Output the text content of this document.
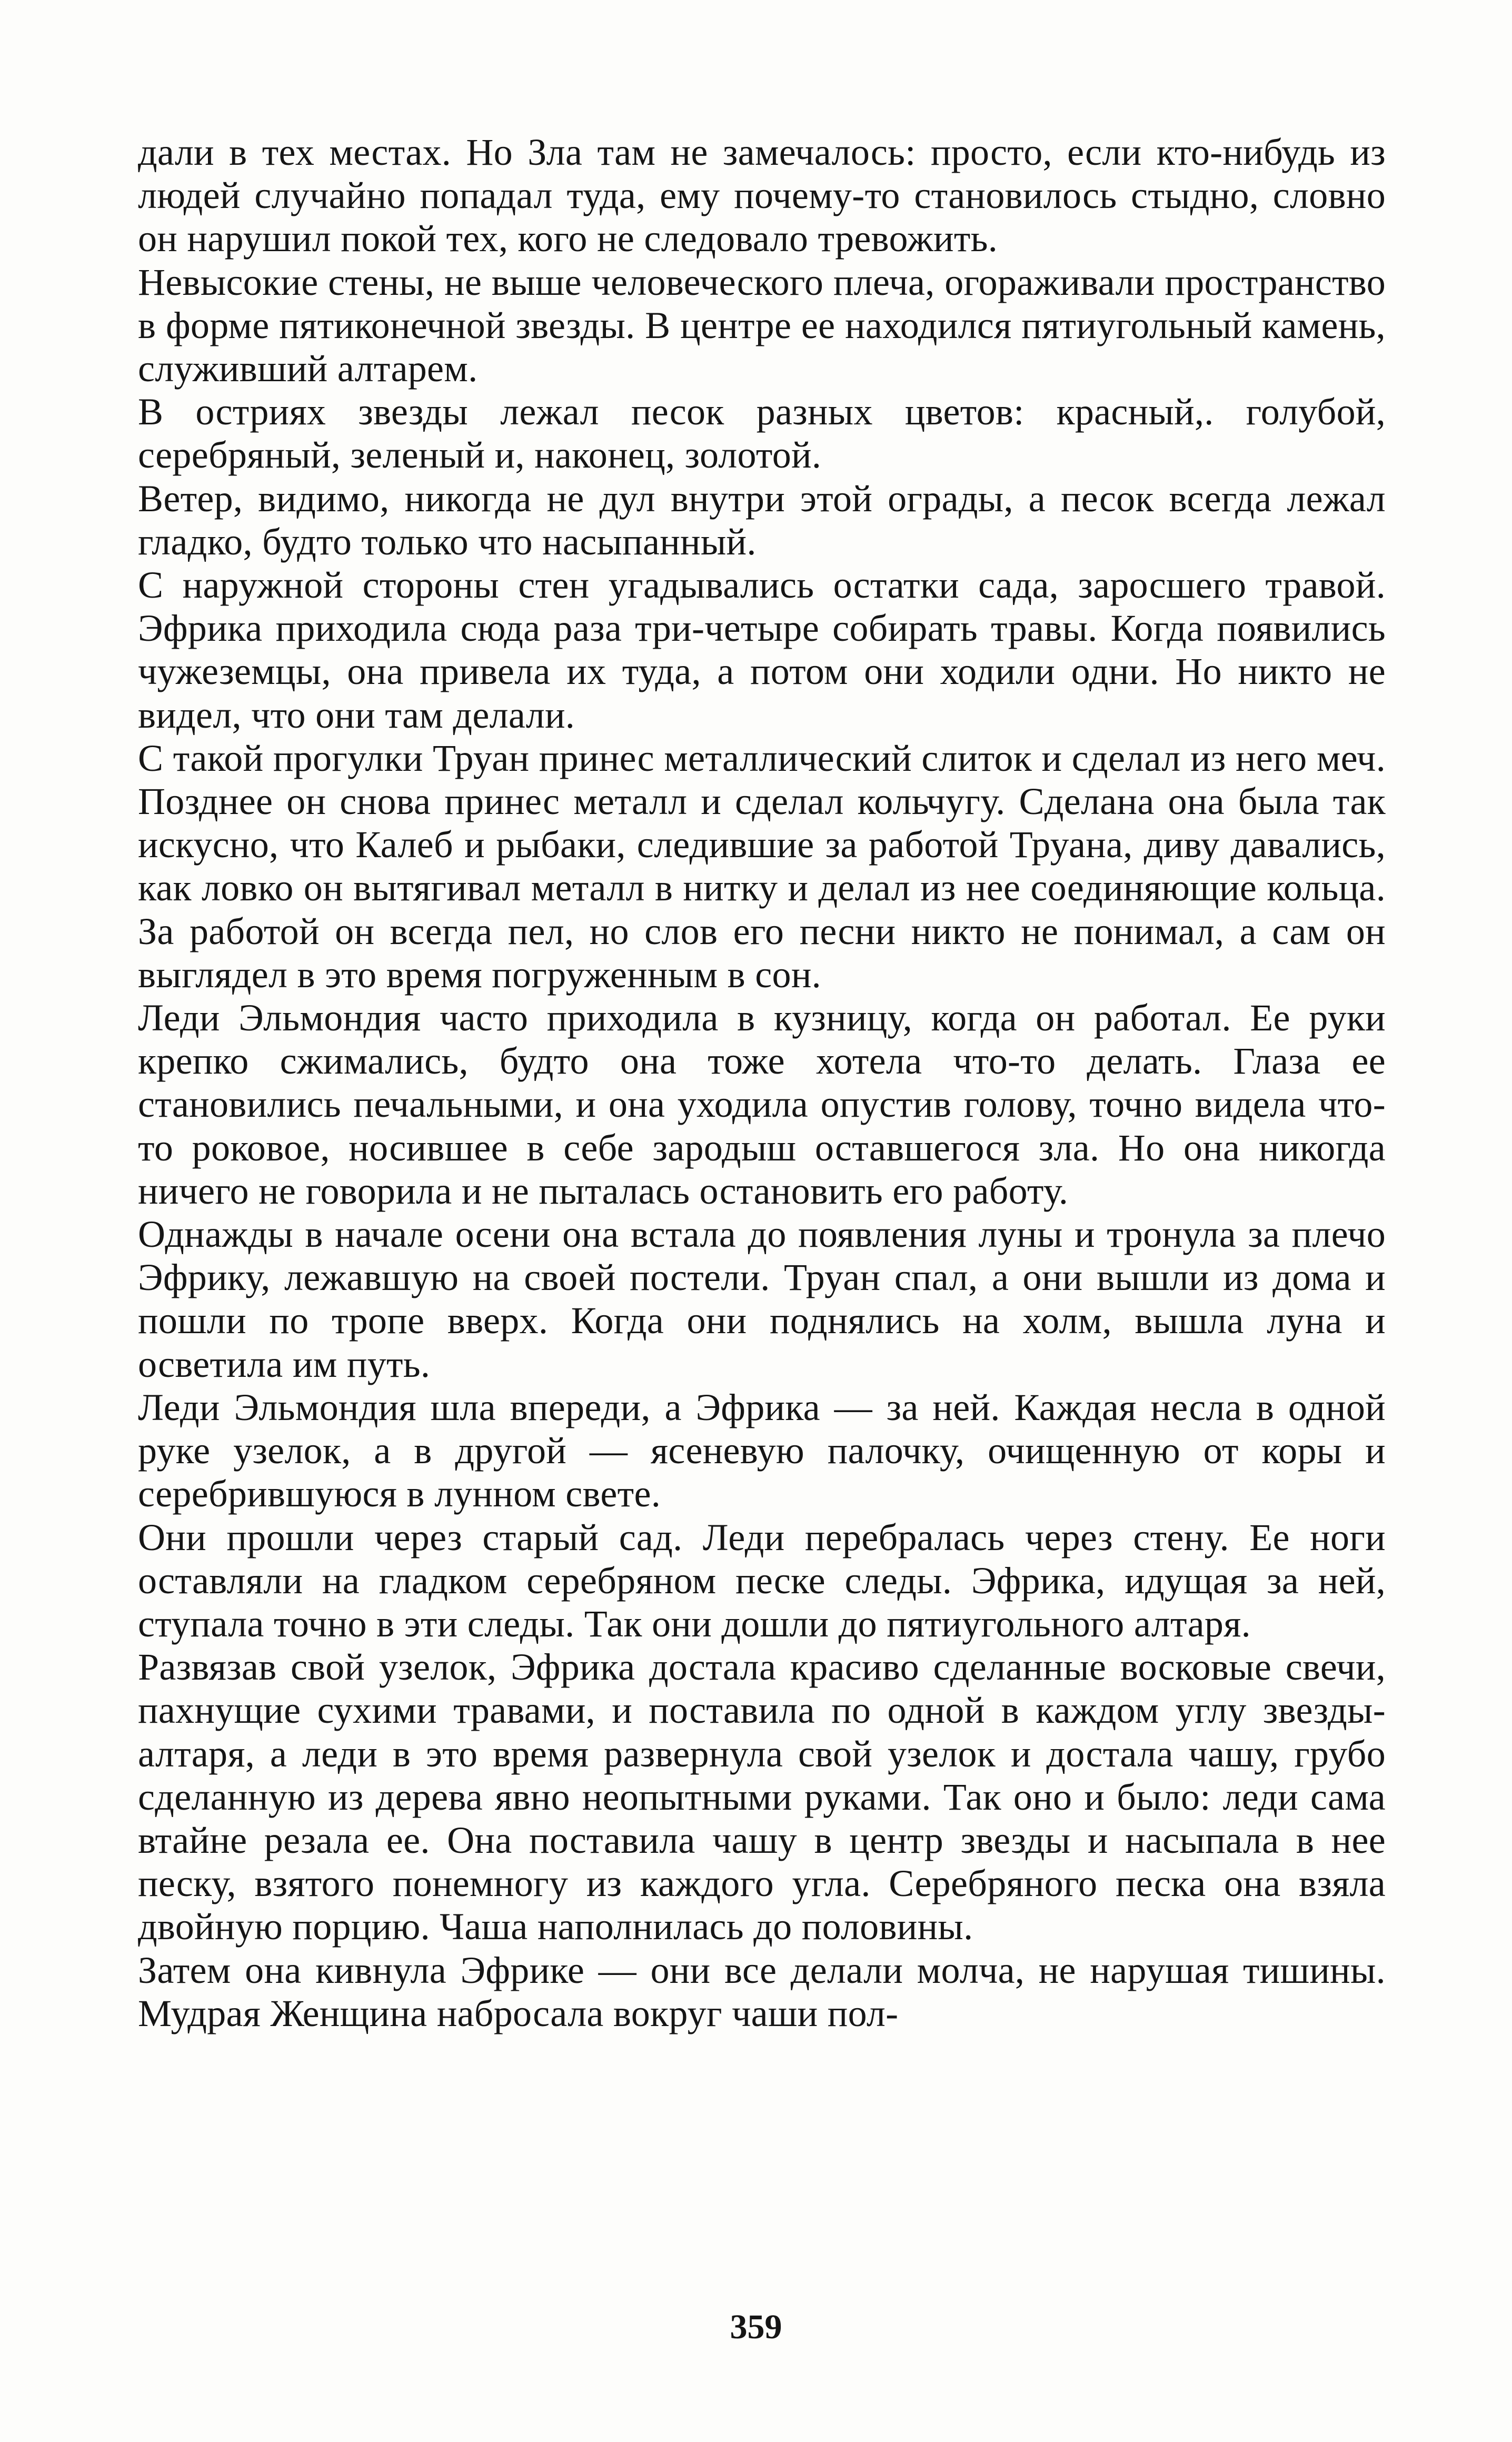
дали в тех местах. Но Зла там не замечалось: просто, если кто-нибудь из людей случайно попадал туда, ему почему-то становилось стыдно, словно он нарушил покой тех, кого не следовало тревожить.

Невысокие стены, не выше человеческого плеча, огораживали пространство в форме пятиконечной звезды. В центре ее находился пятиугольный камень, служивший алтарем.

В остриях звезды лежал песок разных цветов: красный,. голубой, серебряный, зеленый и, наконец, золотой.

Ветер, видимо, никогда не дул внутри этой ограды, а песок всегда лежал гладко, будто только что насыпанный.

С наружной стороны стен угадывались остатки сада, заросшего травой. Эфрика приходила сюда раза три-четыре собирать травы. Когда появились чужеземцы, она привела их туда, а потом они ходили одни. Но никто не видел, что они там делали.

С такой прогулки Труан принес металлический слиток и сделал из него меч. Позднее он снова принес металл и сделал кольчугу. Сделана она была так искусно, что Калеб и рыбаки, следившие за работой Труана, диву давались, как ловко он вытягивал металл в нитку и делал из нее соединяющие кольца. За работой он всегда пел, но слов его песни никто не понимал, а сам он выглядел в это время погруженным в сон.

Леди Эльмондия часто приходила в кузницу, когда он работал. Ее руки крепко сжимались, будто она тоже хотела что-то делать. Глаза ее становились печальными, и она уходила опустив голову, точно видела что-то роковое, носившее в себе зародыш оставшегося зла. Но она никогда ничего не говорила и не пыталась остановить его работу.

Однажды в начале осени она встала до появления луны и тронула за плечо Эфрику, лежавшую на своей постели. Труан спал, а они вышли из дома и пошли по тропе вверх. Когда они поднялись на холм, вышла луна и осветила им путь.

Леди Эльмондия шла впереди, а Эфрика — за ней. Каждая несла в одной руке узелок, а в другой — ясеневую палочку, очищенную от коры и серебрившуюся в лунном свете.

Они прошли через старый сад. Леди перебралась через стену. Ее ноги оставляли на гладком серебряном песке следы. Эфрика, идущая за ней, ступала точно в эти следы. Так они дошли до пятиугольного алтаря.

Развязав свой узелок, Эфрика достала красиво сделанные восковые свечи, пахнущие сухими травами, и поставила по одной в каждом углу звезды-алтаря, а леди в это время развернула свой узелок и достала чашу, грубо сделанную из дерева явно неопытными руками. Так оно и было: леди сама втайне резала ее. Она поставила чашу в центр звезды и насыпала в нее песку, взятого понемногу из каждого угла. Серебряного песка она взяла двойную порцию. Чаша наполнилась до половины.

Затем она кивнула Эфрике — они все делали молча, не нарушая тишины. Мудрая Женщина набросала вокруг чаши пол-

359
